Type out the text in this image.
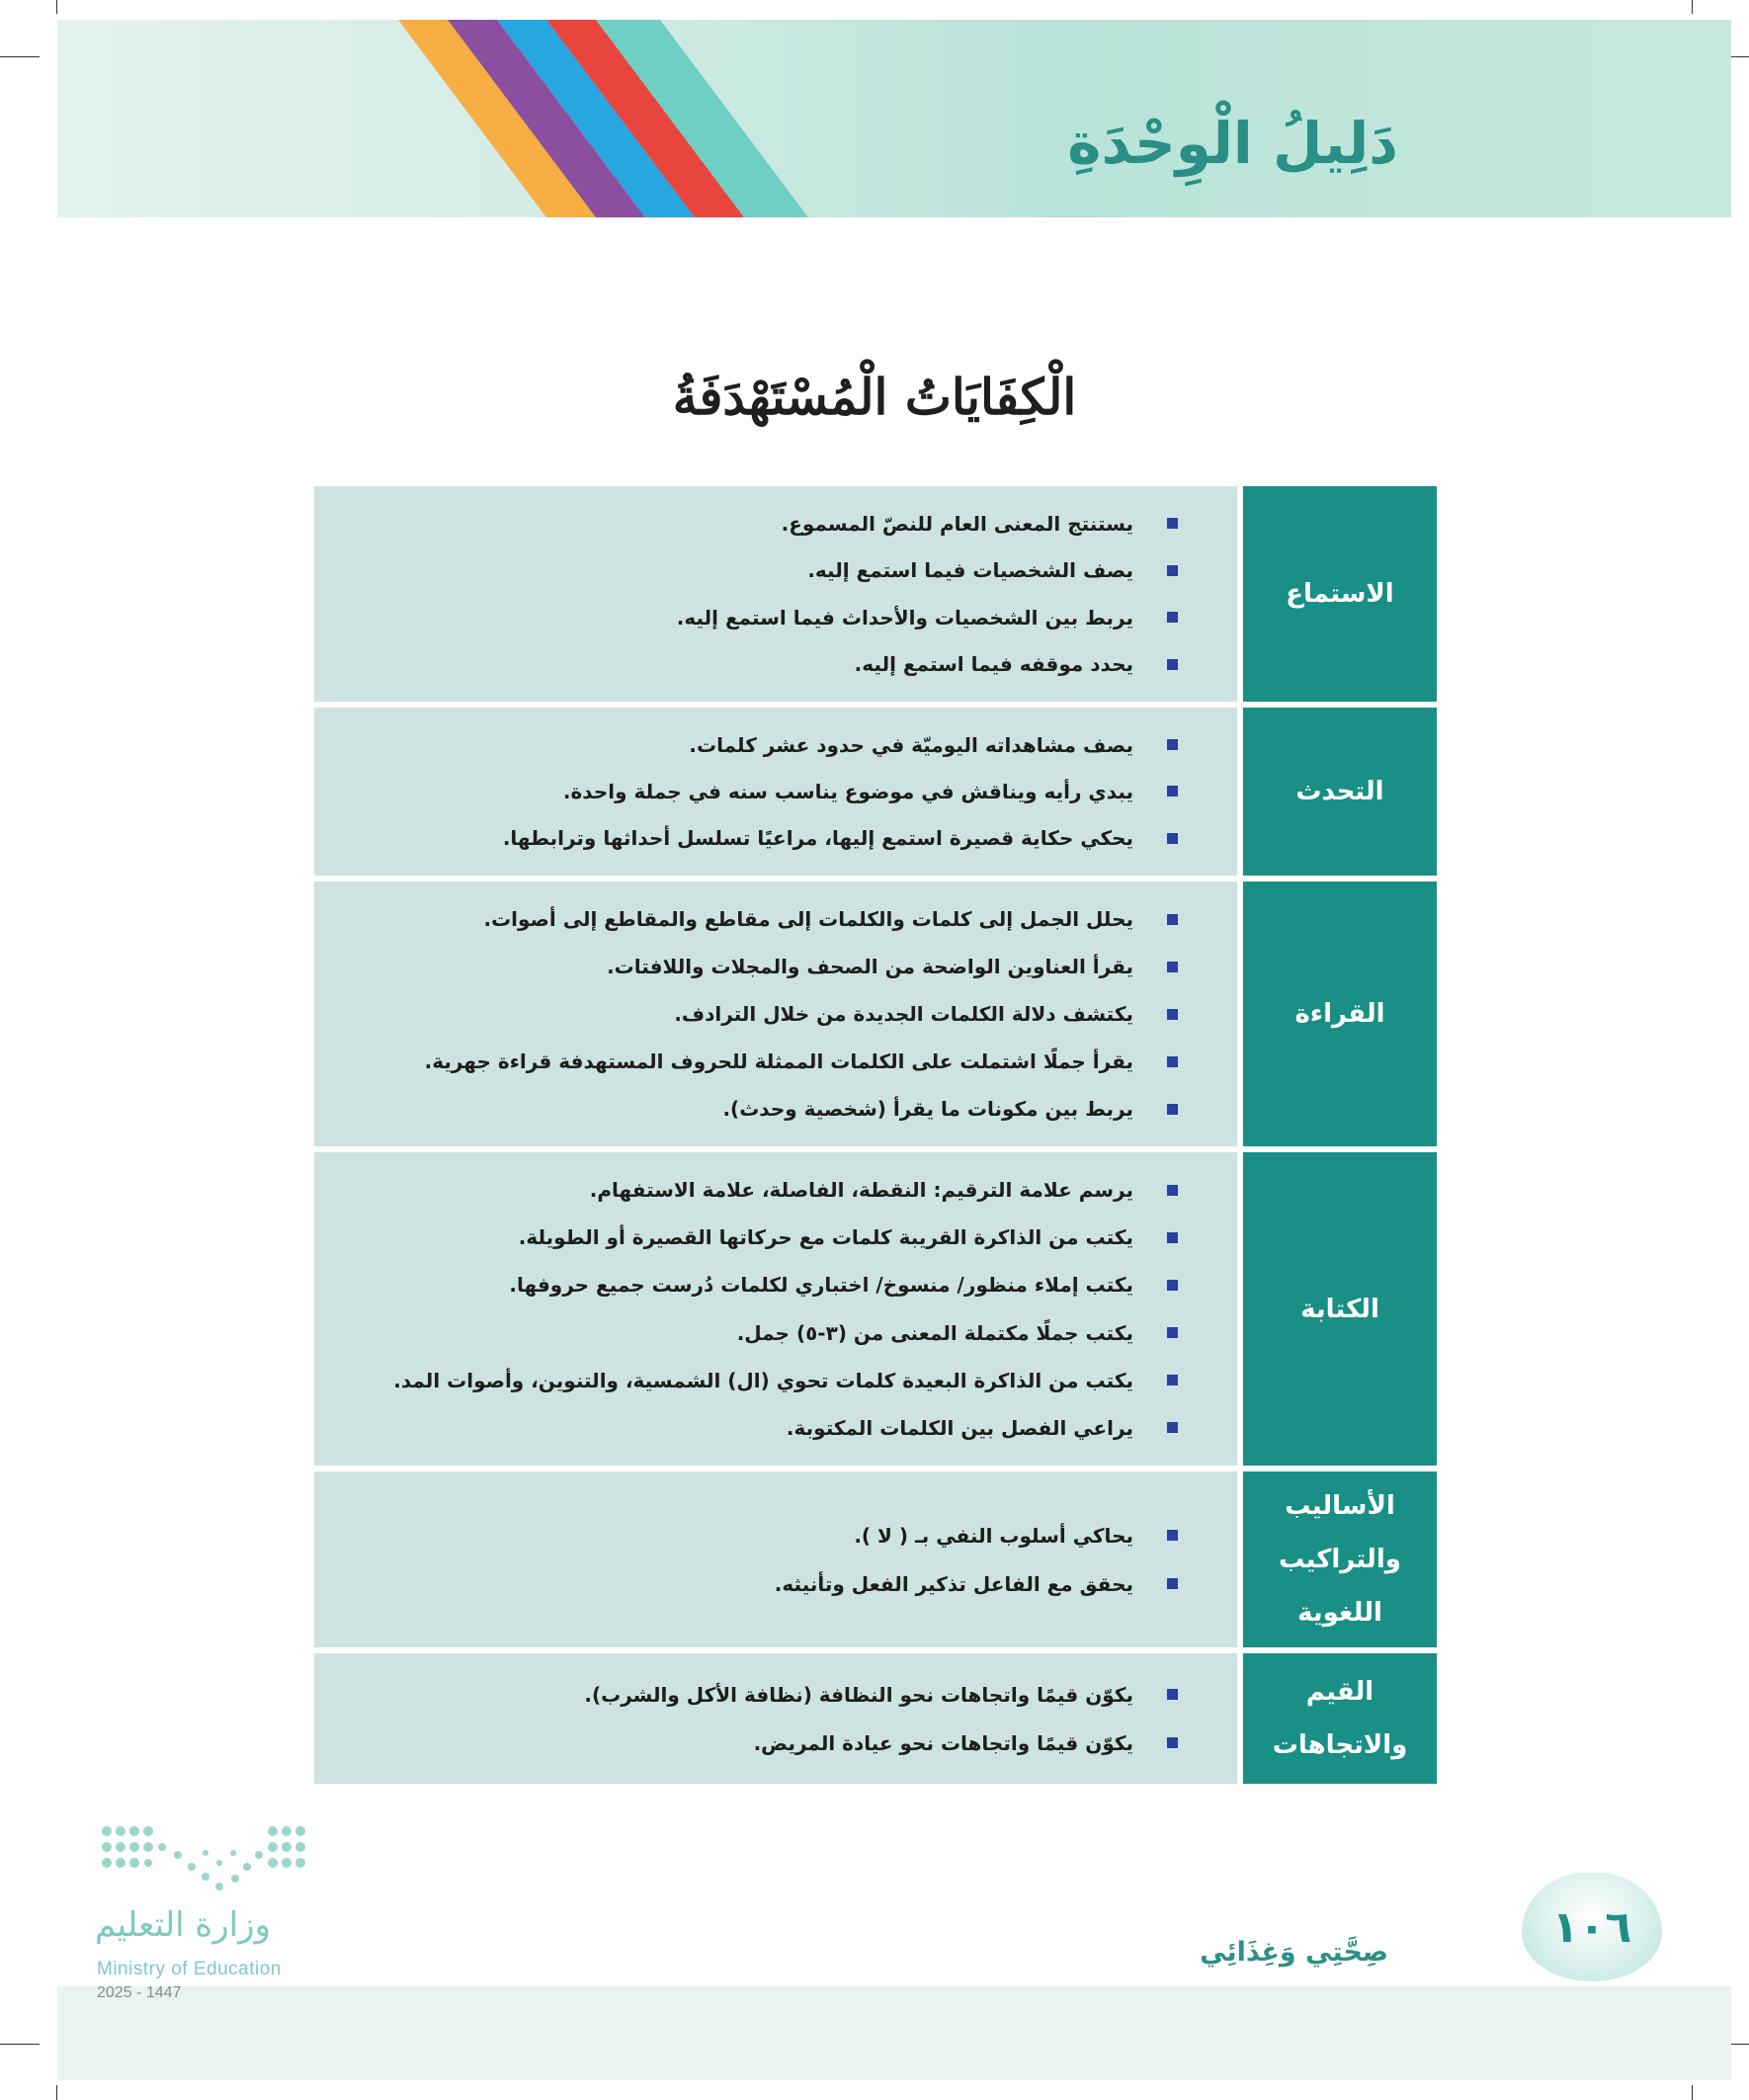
دَلِيلُ الْوِحْدَةِ
الْكِفَايَاتُ الْمُسْتَهْدَفَةُ
الاستماع
يستنتج المعنى العام للنصّ المسموع.
يصف الشخصيات فيما استمع إليه.
يربط بين الشخصيات والأحداث فيما استمع إليه.
يحدد موقفه فيما استمع إليه.
التحدث
يصف مشاهداته اليوميّة في حدود عشر كلمات.
يبدي رأيه ويناقش في موضوع يناسب سنه في جملة واحدة.
يحكي حكاية قصيرة استمع إليها، مراعيًا تسلسل أحداثها وترابطها.
القراءة
يحلل الجمل إلى كلمات والكلمات إلى مقاطع والمقاطع إلى أصوات.
يقرأ العناوين الواضحة من الصحف والمجلات واللافتات.
يكتشف دلالة الكلمات الجديدة من خلال الترادف.
يقرأ جملًا اشتملت على الكلمات الممثلة للحروف المستهدفة قراءة جهرية.
يربط بين مكونات ما يقرأ (شخصية وحدث).
الكتابة
يرسم علامة الترقيم: النقطة، الفاصلة، علامة الاستفهام.
يكتب من الذاكرة القريبة كلمات مع حركاتها القصيرة أو الطويلة.
يكتب إملاء منظور/ منسوخ/ اختباري لكلمات دُرست جميع حروفها.
يكتب جملًا مكتملة المعنى من (٣-٥) جمل.
يكتب من الذاكرة البعيدة كلمات تحوي (ال) الشمسية، والتنوين، وأصوات المد.
يراعي الفصل بين الكلمات المكتوبة.
الأساليب والتراكيب اللغوية
يحاكي أسلوب النفي بـ ( لا ).
يحقق مع الفاعل تذكير الفعل وتأنيثه.
القيم والاتجاهات
يكوّن قيمًا واتجاهات نحو النظافة (نظافة الأكل والشرب).
يكوّن قيمًا واتجاهات نحو عيادة المريض.
وزارة التعليم
Ministry of Education
2025 - 1447
صِحَّتِي وَغِذَائِي	١٠٦
